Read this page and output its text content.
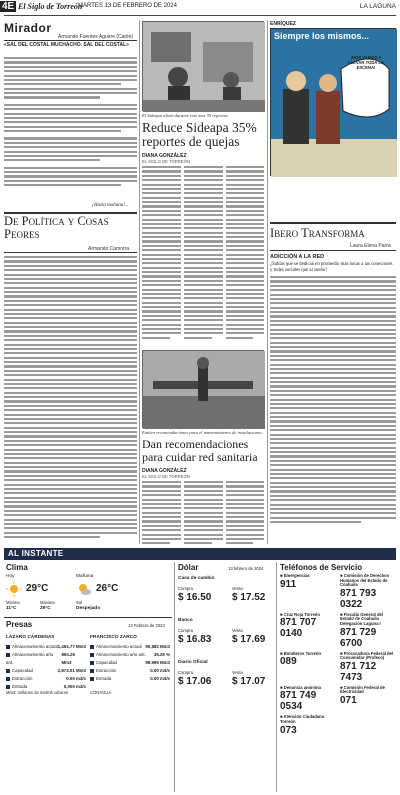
4E El Siglo de Torreón
MARTES 13 DE FEBRERO DE 2024	LA LAGUNA
Mirador
Armando Fuentes Aguirre (Catón)
«SAL DEL COSTAL MUCHACHO. SAL DEL COSTAL»
¡Hasta mañana!...
De Política y Cosas Peores
Armando Camorra
El Sideapa alistó durante este mes 35 reportes.
Reduce Sideapa 35% reportes de quejas
DIANA GONZÁLEZ
EL SIGLO DE TORREÓN
Emiten recomendaciones para el mantenimiento de instalaciones.
Dan recomendaciones para cuidar red sanitaria
DIANA GONZÁLEZ
EL SIGLO DE TORREÓN
ENRÍQUEZ
Siempre los mismos...
¡NOS VAMOS A LLEVAR TODA LA ESCENA!
Ibero Transforma
Laura Elena Parra
ADICCIÓN A LA RED
¿Sabías que se dedican en promedio más horas a las conexiones y redes sociales que al sueño?
AL INSTANTE
Clima
Hoy
29°C
Mañana
26°C
Mínima
11°C
Máxima
29°C
Sol
Despejado
Presas	13 Febrero de 2024
LÁZARO CÁRDENAS	FRANCISCO ZARCO
Almacenamiento actual 1,454.77 Mm3
Almacenamiento año ant.
894.25 Mm3
Capacidad	2,873.01 Mm3
Extracción	0.00 m3/s
Entrada	5,000 m3/s
Almacenamiento actual 90,882 Mm3
Almacenamiento año ant. 35.29 %
Capacidad	99.999 Mm3
Extracción	0.00 m3/s
Entrada	0.00 m3/s
Mm3: millones de metros cúbicos	CONAGUA
Dólar	13 febrero de 2024
Casa de cambio
Compra	Venta
$ 16.50 $ 17.52
Banco
Compra	Venta
$ 16.83 $ 17.69
Diario Oficial
Compra	Venta
$ 17.06 $ 17.07
Teléfonos de Servicio
■ Emergencias
911
■ Comisión de Derechos Humanos del Estado de Coahuila
871 793 0322
■ Cruz Roja Torreón
871 707 0140
■ Fiscalía General del Estado de Coahuila Delegación Laguna I
871 729 6700
■ Bomberos Torreón
089
■ Procuraduría Federal del Consumidor (Profeco)
871 712 7473
■ Denuncia anónima
871 749 0534
■ Comisión Federal de Electricidad
071
■ Atención Ciudadana Torreón
073
